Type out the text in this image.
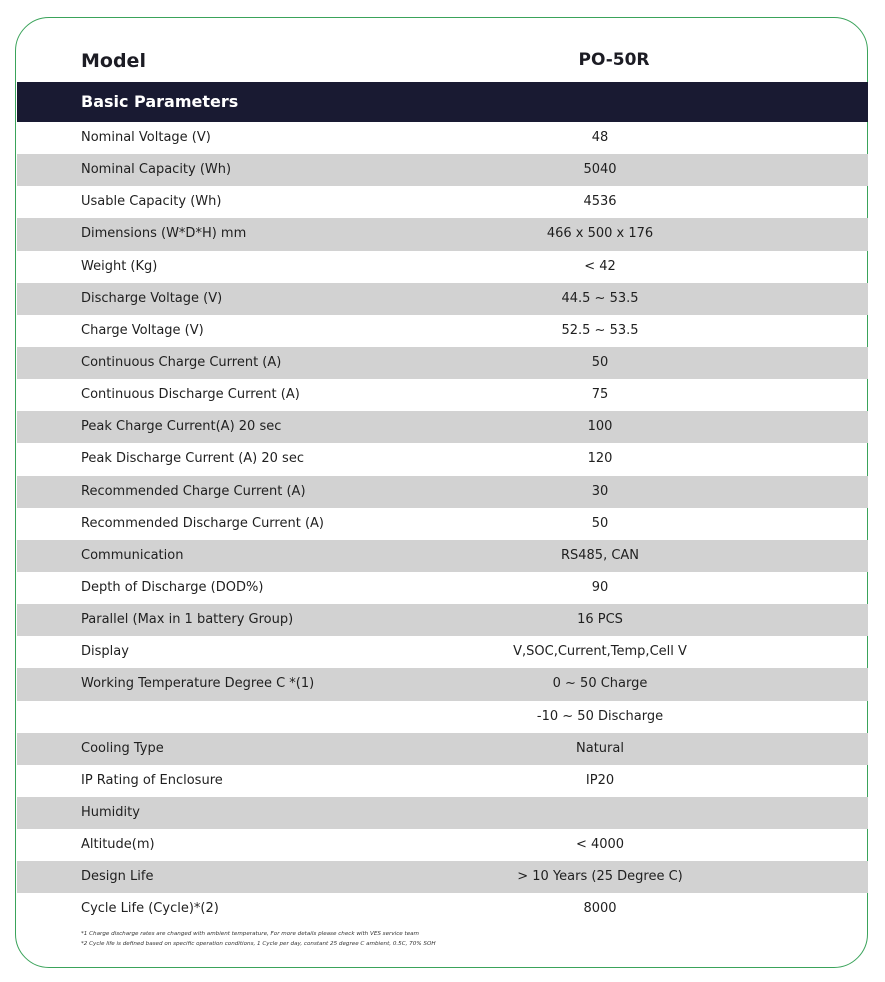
Model	PO-50R
Basic Parameters
Nominal Voltage (V)	48
Nominal Capacity (Wh)	5040
Usable Capacity (Wh)	4536
Dimensions (W*D*H) mm	466 x 500 x 176
Weight (Kg)	< 42
Discharge Voltage (V)	44.5 ~ 53.5
Charge Voltage (V)	52.5 ~ 53.5
Continuous Charge Current (A)	50
Continuous Discharge Current (A)	75
Peak Charge Current(A) 20 sec	100
Peak Discharge Current (A) 20 sec	120
Recommended Charge Current (A)	30
Recommended Discharge Current (A)	50
Communication	RS485, CAN
Depth of Discharge (DOD%)	90
Parallel (Max in 1 battery Group)	16 PCS
Display	V,SOC,Current,Temp,Cell V
Working Temperature Degree C *(1)	0 ~ 50 Charge
-10 ~ 50 Discharge
Cooling Type	Natural
IP Rating of Enclosure	IP20
Humidity
Altitude(m)	< 4000
Design Life	> 10 Years (25 Degree C)
Cycle Life (Cycle)*(2)	8000
*1 Charge discharge rates are changed with ambient temperature, For more details please check with VES service team
*2 Cycle life is defined based on specific operation conditions, 1 Cycle per day, constant 25 degree C ambient, 0.5C, 70% SOH
